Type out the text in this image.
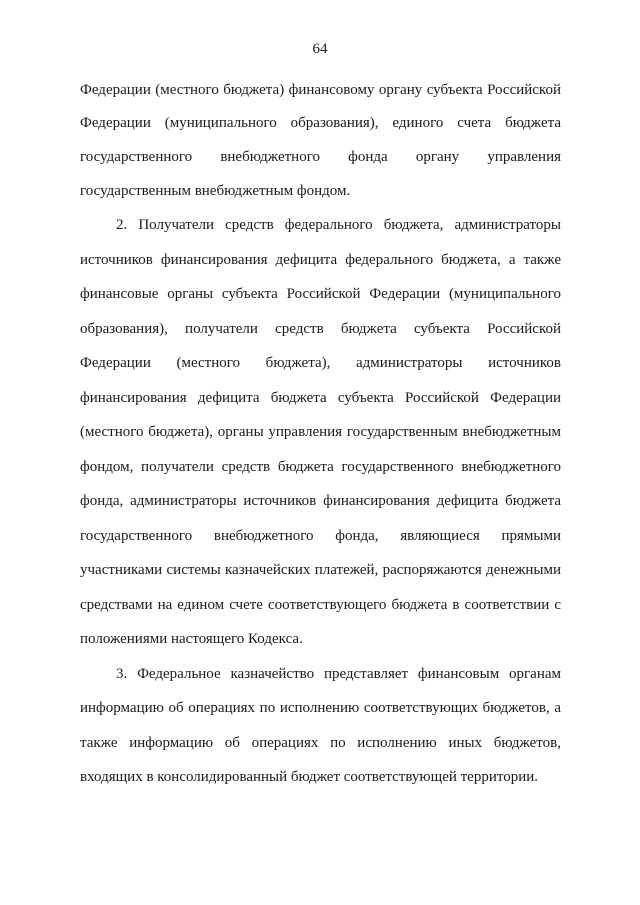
64
Федерации (местного бюджета) финансовому органу субъекта Российской
Федерации (муниципального образования), единого счета бюджета
государственного внебюджетного фонда органу управления
государственным внебюджетным фондом.
2. Получатели средств федерального бюджета, администраторы
источников финансирования дефицита федерального бюджета, а также
финансовые органы субъекта Российской Федерации (муниципального
образования), получатели средств бюджета субъекта Российской
Федерации (местного бюджета), администраторы источников
финансирования дефицита бюджета субъекта Российской Федерации
(местного бюджета), органы управления государственным внебюджетным
фондом, получатели средств бюджета государственного внебюджетного
фонда, администраторы источников финансирования дефицита бюджета
государственного внебюджетного фонда, являющиеся прямыми
участниками системы казначейских платежей, распоряжаются денежными
средствами на едином счете соответствующего бюджета в соответствии с
положениями настоящего Кодекса.
3. Федеральное казначейство представляет финансовым органам
информацию об операциях по исполнению соответствующих бюджетов, а
также информацию об операциях по исполнению иных бюджетов,
входящих в консолидированный бюджет соответствующей территории.
